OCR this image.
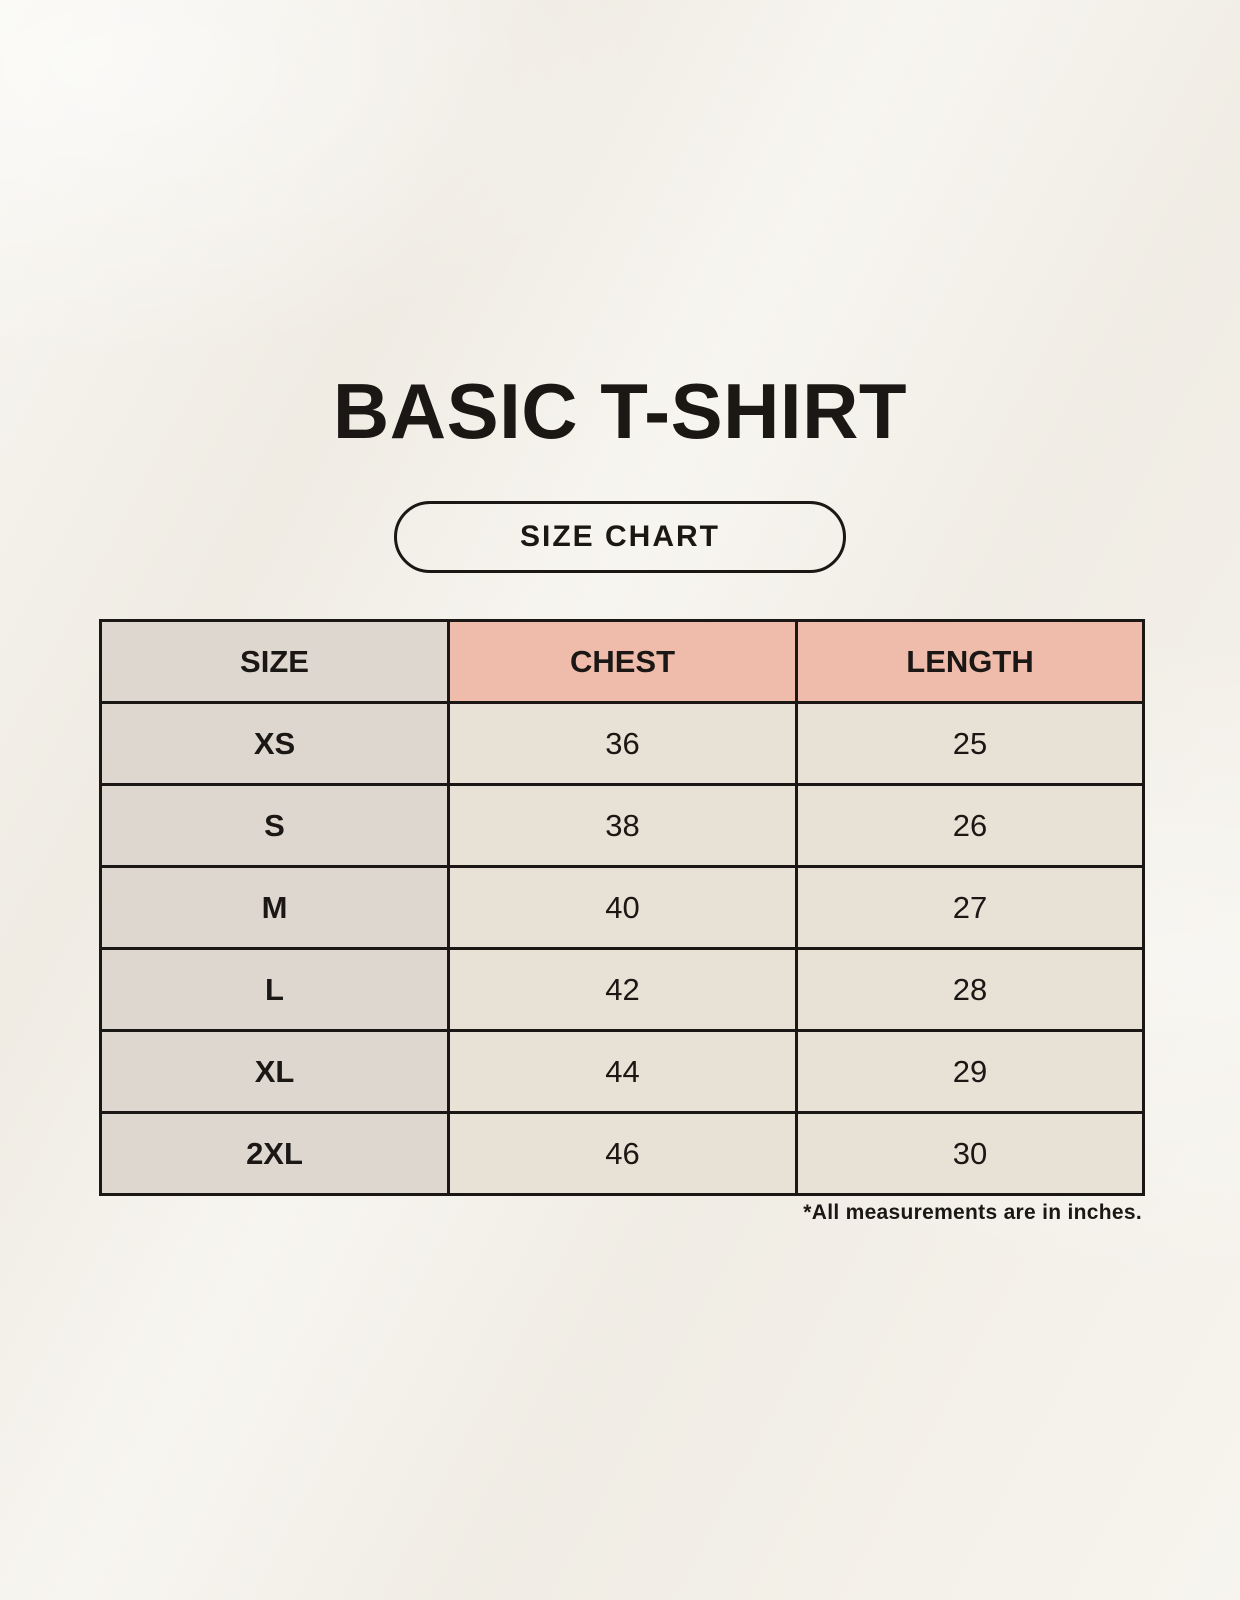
BASIC T-SHIRT
SIZE CHART
SIZE	CHEST	LENGTH
XS	36	25
S	38	26
M	40	27
L	42	28
XL	44	29
2XL	46	30
*All measurements are in inches.
